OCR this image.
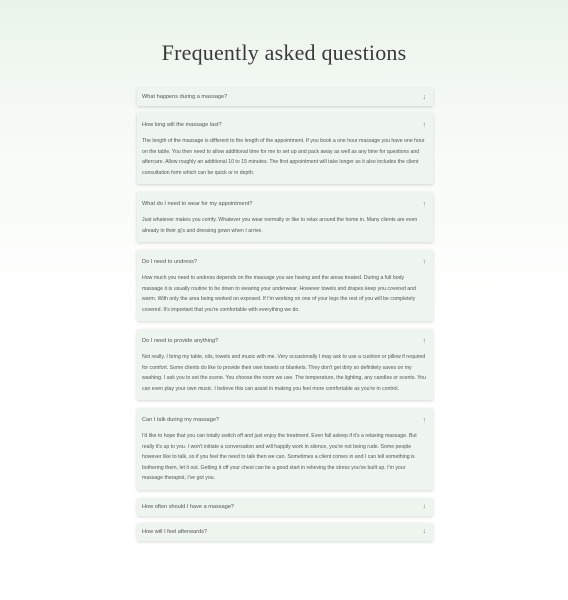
Frequently asked questions
What happens during a massage?	↓
How long will the massage last?	↑
The length of the massage is different to the length of the appointment. If you book a one hour massage you have one hour on the table. You then need to allow additional time for me to set up and pack away as well as any time for questions and aftercare. Allow roughly an additional 10 to 15 minutes. The first appointment will take longer as it also includes the client consultation form which can be quick or in depth.
What do I need to wear for my appointment?	↑
Just whatever makes you comfy. Whatever you wear normally or like to relax around the home in. Many clients are even already in their pj's and dressing gown when I arrive.
Do I need to undress?	↑
How much you need to undress depends on the massage you are having and the areas treated. During a full body massage it is usually routine to be down to wearing your underwear. However towels and drapes keep you covered and warm. With only the area being worked on exposed. If I'm working on one of your legs the rest of you will be completely covered. It's important that you're comfortable with everything we do.
Do I need to provide anything?	↑
Not really. I bring my table, oils, towels and music with me. Very occasionally I may ask to use a cushion or pillow if required for comfort. Some clients do like to provide their own towels or blankets. They don't get dirty so definitely saves on my washing. I ask you to set the scene. You choose the room we use. The temperature, the lighting, any candles or scents. You can even play your own music. I believe this can assist in making you feel more comfortable as you're in control.
Can I talk during my massage?	↑
I'd like to hope that you can totally switch off and just enjoy the treatment. Even fall asleep if it's a relaxing massage. But really it's up to you. I won't initiate a conversation and will happily work in silence, you're not being rude. Some people however like to talk, so if you feel the need to talk then we can. Sometimes a client comes in and I can tell something is bothering them, let it out. Getting it off your chest can be a good start in relieving the stress you've built up. I'm your massage therapist, I've got you.
How often should I have a massage?	↓
How will I feel afterwards?	↓
